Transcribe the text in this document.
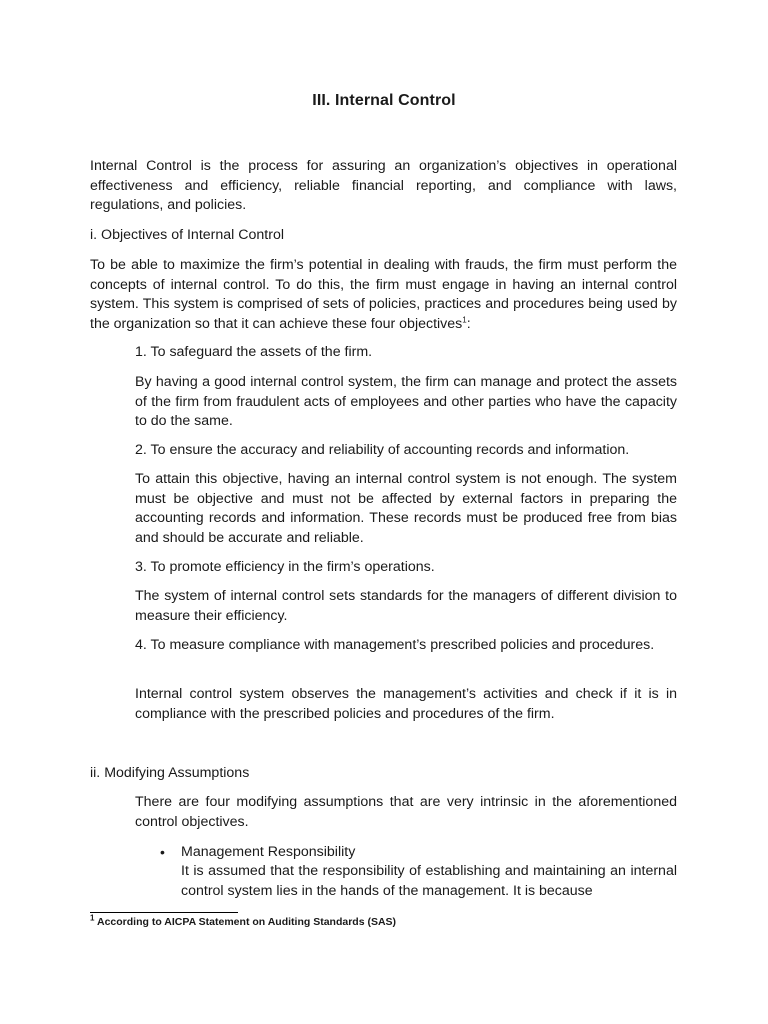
III. Internal Control

Internal Control is the process for assuring an organization’s objectives in operational effectiveness and efficiency, reliable financial reporting, and compliance with laws, regulations, and policies.

i. Objectives of Internal Control

To be able to maximize the firm’s potential in dealing with frauds, the firm must perform the concepts of internal control. To do this, the firm must engage in having an internal control system. This system is comprised of sets of policies, practices and procedures being used by the organization so that it can achieve these four objectives$^1$:

1. To safeguard the assets of the firm.

By having a good internal control system, the firm can manage and protect the assets of the firm from fraudulent acts of employees and other parties who have the capacity to do the same.

2. To ensure the accuracy and reliability of accounting records and information.

To attain this objective, having an internal control system is not enough. The system must be objective and must not be affected by external factors in preparing the accounting records and information. These records must be produced free from bias and should be accurate and reliable.

3. To promote efficiency in the firm’s operations.

The system of internal control sets standards for the managers of different division to measure their efficiency.

4. To measure compliance with management’s prescribed policies and procedures.

Internal control system observes the management’s activities and check if it is in compliance with the prescribed policies and procedures of the firm.

ii. Modifying Assumptions

There are four modifying assumptions that are very intrinsic in the aforementioned control objectives.

• Management Responsibility

It is assumed that the responsibility of establishing and maintaining an internal control system lies in the hands of the management. It is because

$^1$ According to AICPA Statement on Auditing Standards (SAS)
